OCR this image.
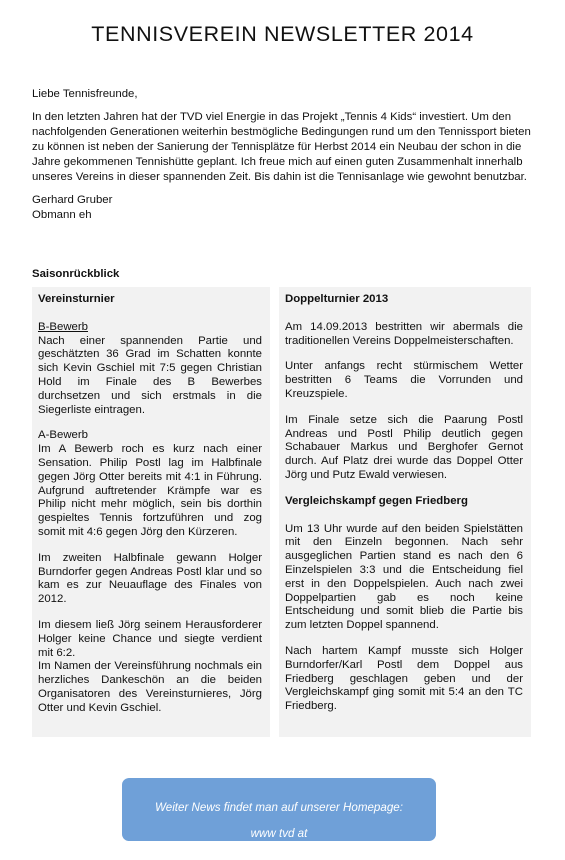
TENNISVEREIN NEWSLETTER 2014

Liebe Tennisfreunde,

In den letzten Jahren hat der TVD viel Energie in das Projekt „Tennis 4 Kids“ investiert. Um den nachfolgenden Generationen weiterhin bestmögliche Bedingungen rund um den Tennissport bieten zu können ist neben der Sanierung der Tennisplätze für Herbst 2014 ein Neubau der schon in die Jahre gekommenen Tennishütte geplant. Ich freue mich auf einen guten Zusammenhalt innerhalb unseres Vereins in dieser spannenden Zeit. Bis dahin ist die Tennisanlage wie gewohnt benutzbar.

Gerhard Gruber

Obmann eh

Saisonrückblick
Vereinsturnier

B-Bewerb
Nach einer spannenden Partie und geschätzten 36 Grad im Schatten konnte sich Kevin Gschiel mit 7:5 gegen Christian Hold im Finale des B Bewerbes durchsetzen und sich erstmals in die Siegerliste eintragen.

A-Bewerb
Im A Bewerb roch es kurz nach einer Sensation. Philip Postl lag im Halbfinale gegen Jörg Otter bereits mit 4:1 in Führung. Aufgrund auftretender Krämpfe war es Philip nicht mehr möglich, sein bis dorthin gespieltes Tennis fortzuführen und zog somit mit 4:6 gegen Jörg den Kürzeren.

Im zweiten Halbfinale gewann Holger Burndorfer gegen Andreas Postl klar und so kam es zur Neuauflage des Finales von 2012.

Im diesem ließ Jörg seinem Herausforderer Holger keine Chance und siegte verdient mit 6:2.
Im Namen der Vereinsführung nochmals ein herzliches Dankeschön an die beiden Organisatoren des Vereinsturnieres, Jörg Otter und Kevin Gschiel.

Doppelturnier 2013

Am 14.09.2013 bestritten wir abermals die traditionellen Vereins Doppelmeisterschaften.

Unter anfangs recht stürmischem Wetter bestritten 6 Teams die Vorrunden und Kreuzspiele.

Im Finale setze sich die Paarung Postl Andreas und Postl Philip deutlich gegen Schabauer Markus und Berghofer Gernot durch. Auf Platz drei wurde das Doppel Otter Jörg und Putz Ewald verwiesen.

Vergleichskampf gegen Friedberg

Um 13 Uhr wurde auf den beiden Spielstätten mit den Einzeln begonnen. Nach sehr ausgeglichen Partien stand es nach den 6 Einzelspielen 3:3 und die Entscheidung fiel erst in den Doppelspielen. Auch nach zwei Doppelpartien gab es noch keine Entscheidung und somit blieb die Partie bis zum letzten Doppel spannend.

Nach hartem Kampf musste sich Holger Burndorfer/Karl Postl dem Doppel aus Friedberg geschlagen geben und der Vergleichskampf ging somit mit 5:4 an den TC Friedberg.

Weiter News findet man auf unserer Homepage:
www tvd at
